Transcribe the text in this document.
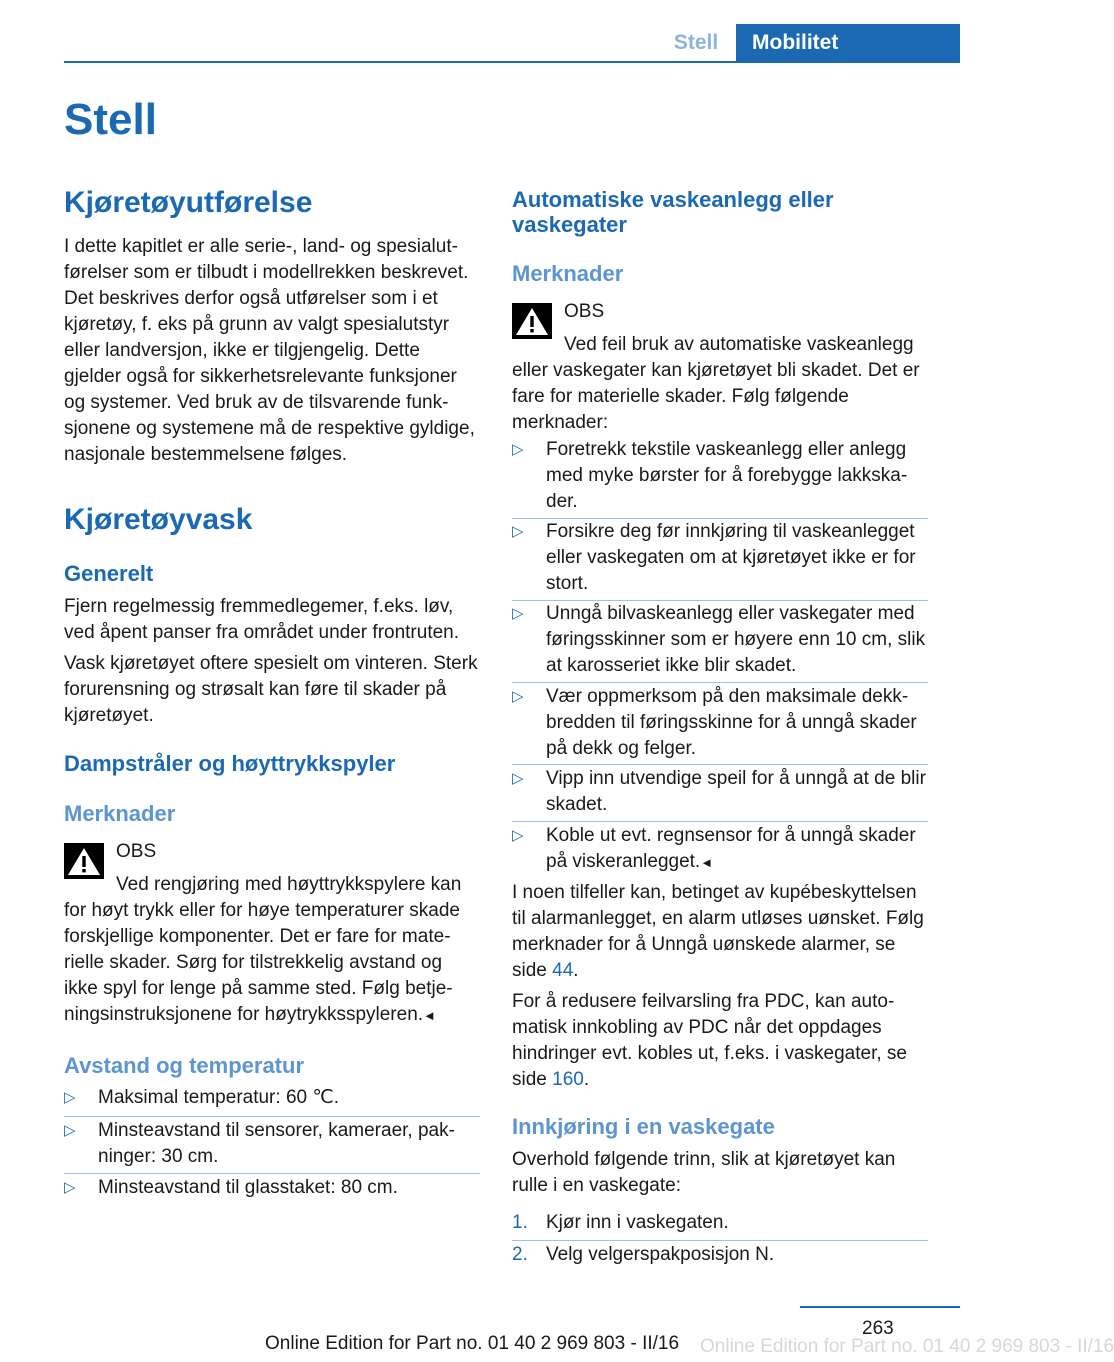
Stell	Mobilitet
Stell
Kjøretøyutførelse
I dette kapitlet er alle serie-, land- og spesialutførelser som er tilbudt i modellrekken beskrevet. Det beskrives derfor også utførelser som i et kjøretøy, f. eks på grunn av valgt spesialutstyr eller landversjon, ikke er tilgjengelig. Dette gjelder også for sikkerhetsrelevante funksjoner og systemer. Ved bruk av de tilsvarende funksjonene og systemene må de respektive gyldige, nasjonale bestemmelsene følges.
Kjøretøyvask
Generelt
Fjern regelmessig fremmedlegemer, f.eks. løv, ved åpent panser fra området under frontruten.
Vask kjøretøyet oftere spesielt om vinteren. Sterk forurensning og strøsalt kan føre til skader på kjøretøyet.
Dampstråler og høyttrykkspyler
Merknader
OBS
Ved rengjøring med høyttrykkspylere kan for høyt trykk eller for høye temperaturer skade forskjellige komponenter. Det er fare for materielle skader. Sørg for tilstrekkelig avstand og ikke spyl for lenge på samme sted. Følg betjeningsinstruksjonene for høytrykksspyleren.◄
Avstand og temperatur
▷ Maksimal temperatur: 60 ℃.
▷ Minsteavstand til sensorer, kameraer, pakninger: 30 cm.
▷ Minsteavstand til glasstaket: 80 cm.
Automatiske vaskeanlegg eller vaskegater
Merknader
OBS
Ved feil bruk av automatiske vaskeanlegg eller vaskegater kan kjøretøyet bli skadet. Det er fare for materielle skader. Følg følgende merknader:
▷ Foretrekk tekstile vaskeanlegg eller anlegg med myke børster for å forebygge lakkskader.
▷ Forsikre deg før innkjøring til vaskeanlegget eller vaskegaten om at kjøretøyet ikke er for stort.
▷ Unngå bilvaskeanlegg eller vaskegater med føringsskinner som er høyere enn 10 cm, slik at karosseriet ikke blir skadet.
▷ Vær oppmerksom på den maksimale dekkbredden til føringsskinne for å unngå skader på dekk og felger.
▷ Vipp inn utvendige speil for å unngå at de blir skadet.
▷ Koble ut evt. regnsensor for å unngå skader på viskeranlegget.◄
I noen tilfeller kan, betinget av kupébeskyttelsen til alarmanlegget, en alarm utløses uønsket. Følg merknader for å Unngå uønskede alarmer, se side 44.
For å redusere feilvarsling fra PDC, kan automatisk innkobling av PDC når det oppdages hindringer evt. kobles ut, f.eks. i vaskegater, se side 160.
Innkjøring i en vaskegate
Overhold følgende trinn, slik at kjøretøyet kan rulle i en vaskegate:
1. Kjør inn i vaskegaten.
2. Velg velgerspakposisjon N.
263
Online Edition for Part no. 01 40 2 969 803 - II/16 Online Edition for Part no. 01 40 2 969 803 - II/16
